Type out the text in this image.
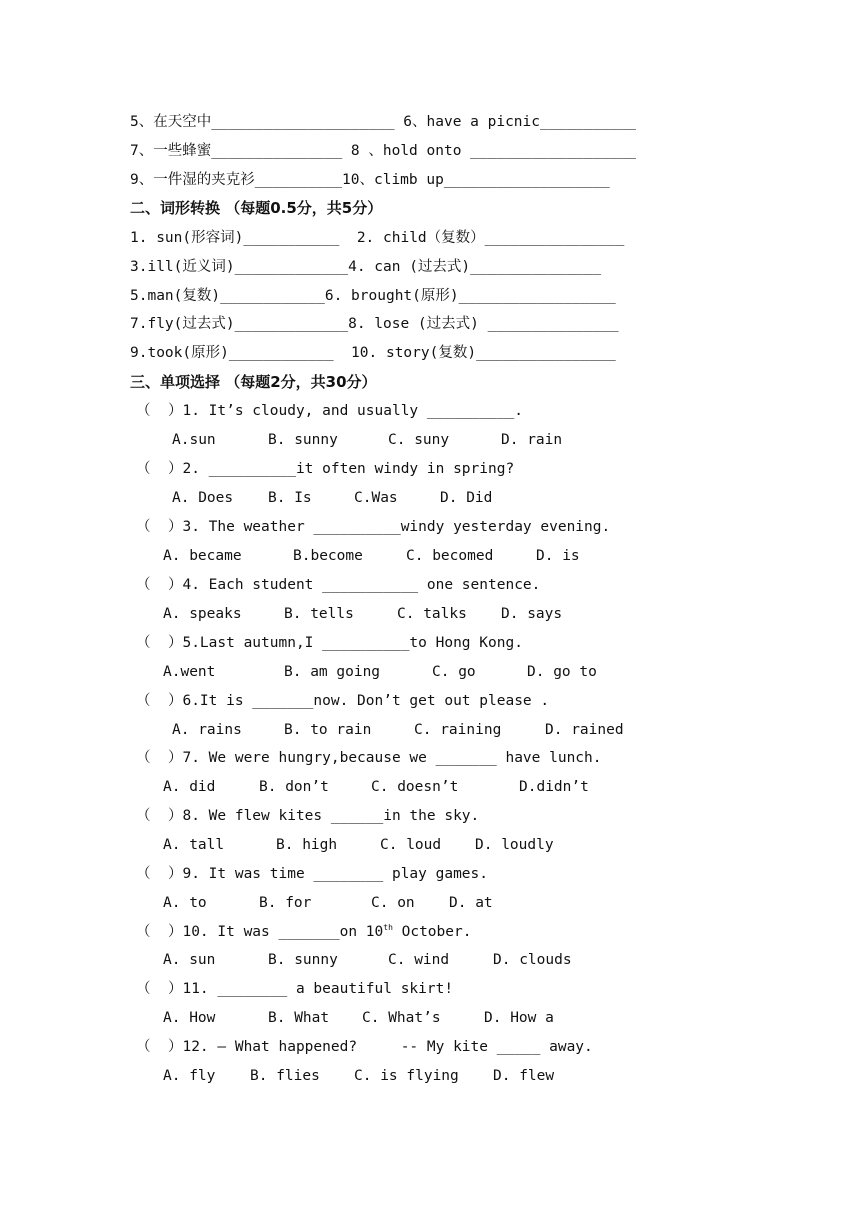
5、在天空中_____________________ 6、have a picnic___________
7、一些蜂蜜_______________ 8 、hold onto ___________________
9、一件湿的夹克衫__________10、climb up___________________
二、词形转换 （每题0.5分，共5分）
1. sun(形容词)___________  2. child（复数）________________
3.ill(近义词)_____________4. can (过去式)_______________
5.man(复数)____________6. brought(原形)__________________
7.fly(过去式)_____________8. lose (过去式) _______________
9.took(原形)____________  10. story(复数)________________
三、单项选择 （每题2分，共30分）
（  ）1. It’s cloudy, and usually __________.
A.sun	B. sunny	C. suny	D. rain
（  ）2. __________it often windy in spring?
A. Does B. Is	C.Was	D. Did
（  ）3. The weather __________windy yesterday evening.
A. became	B.become	C. becomed	D. is
（  ）4. Each student ___________ one sentence.
A. speaks	B. tells	C. talks D. says
（  ）5.Last autumn,I __________to Hong Kong.
A.went	B. am going	C. go	D. go to
（  ）6.It is _______now. Don’t get out please .
A. rains	B. to rain	C. raining	D. rained
（  ）7. We were hungry,because we _______ have lunch.
A. did	B. don’t	C. doesn’t	D.didn’t
（  ）8. We flew kites ______in the sky.
A. tall	B. high	C. loud D. loudly
（  ）9. It was time ________ play games.
A. to	B. for	C. on D. at
（  ）10. It was _______on 10th October.
A. sun	B. sunny	C. wind	D. clouds
（  ）11. ________ a beautiful skirt!
A. How	B. What C. What’s	D. How a
（  ）12. — What happened?     -- My kite _____ away.
A. fly B. flies C. is flying D. flew
